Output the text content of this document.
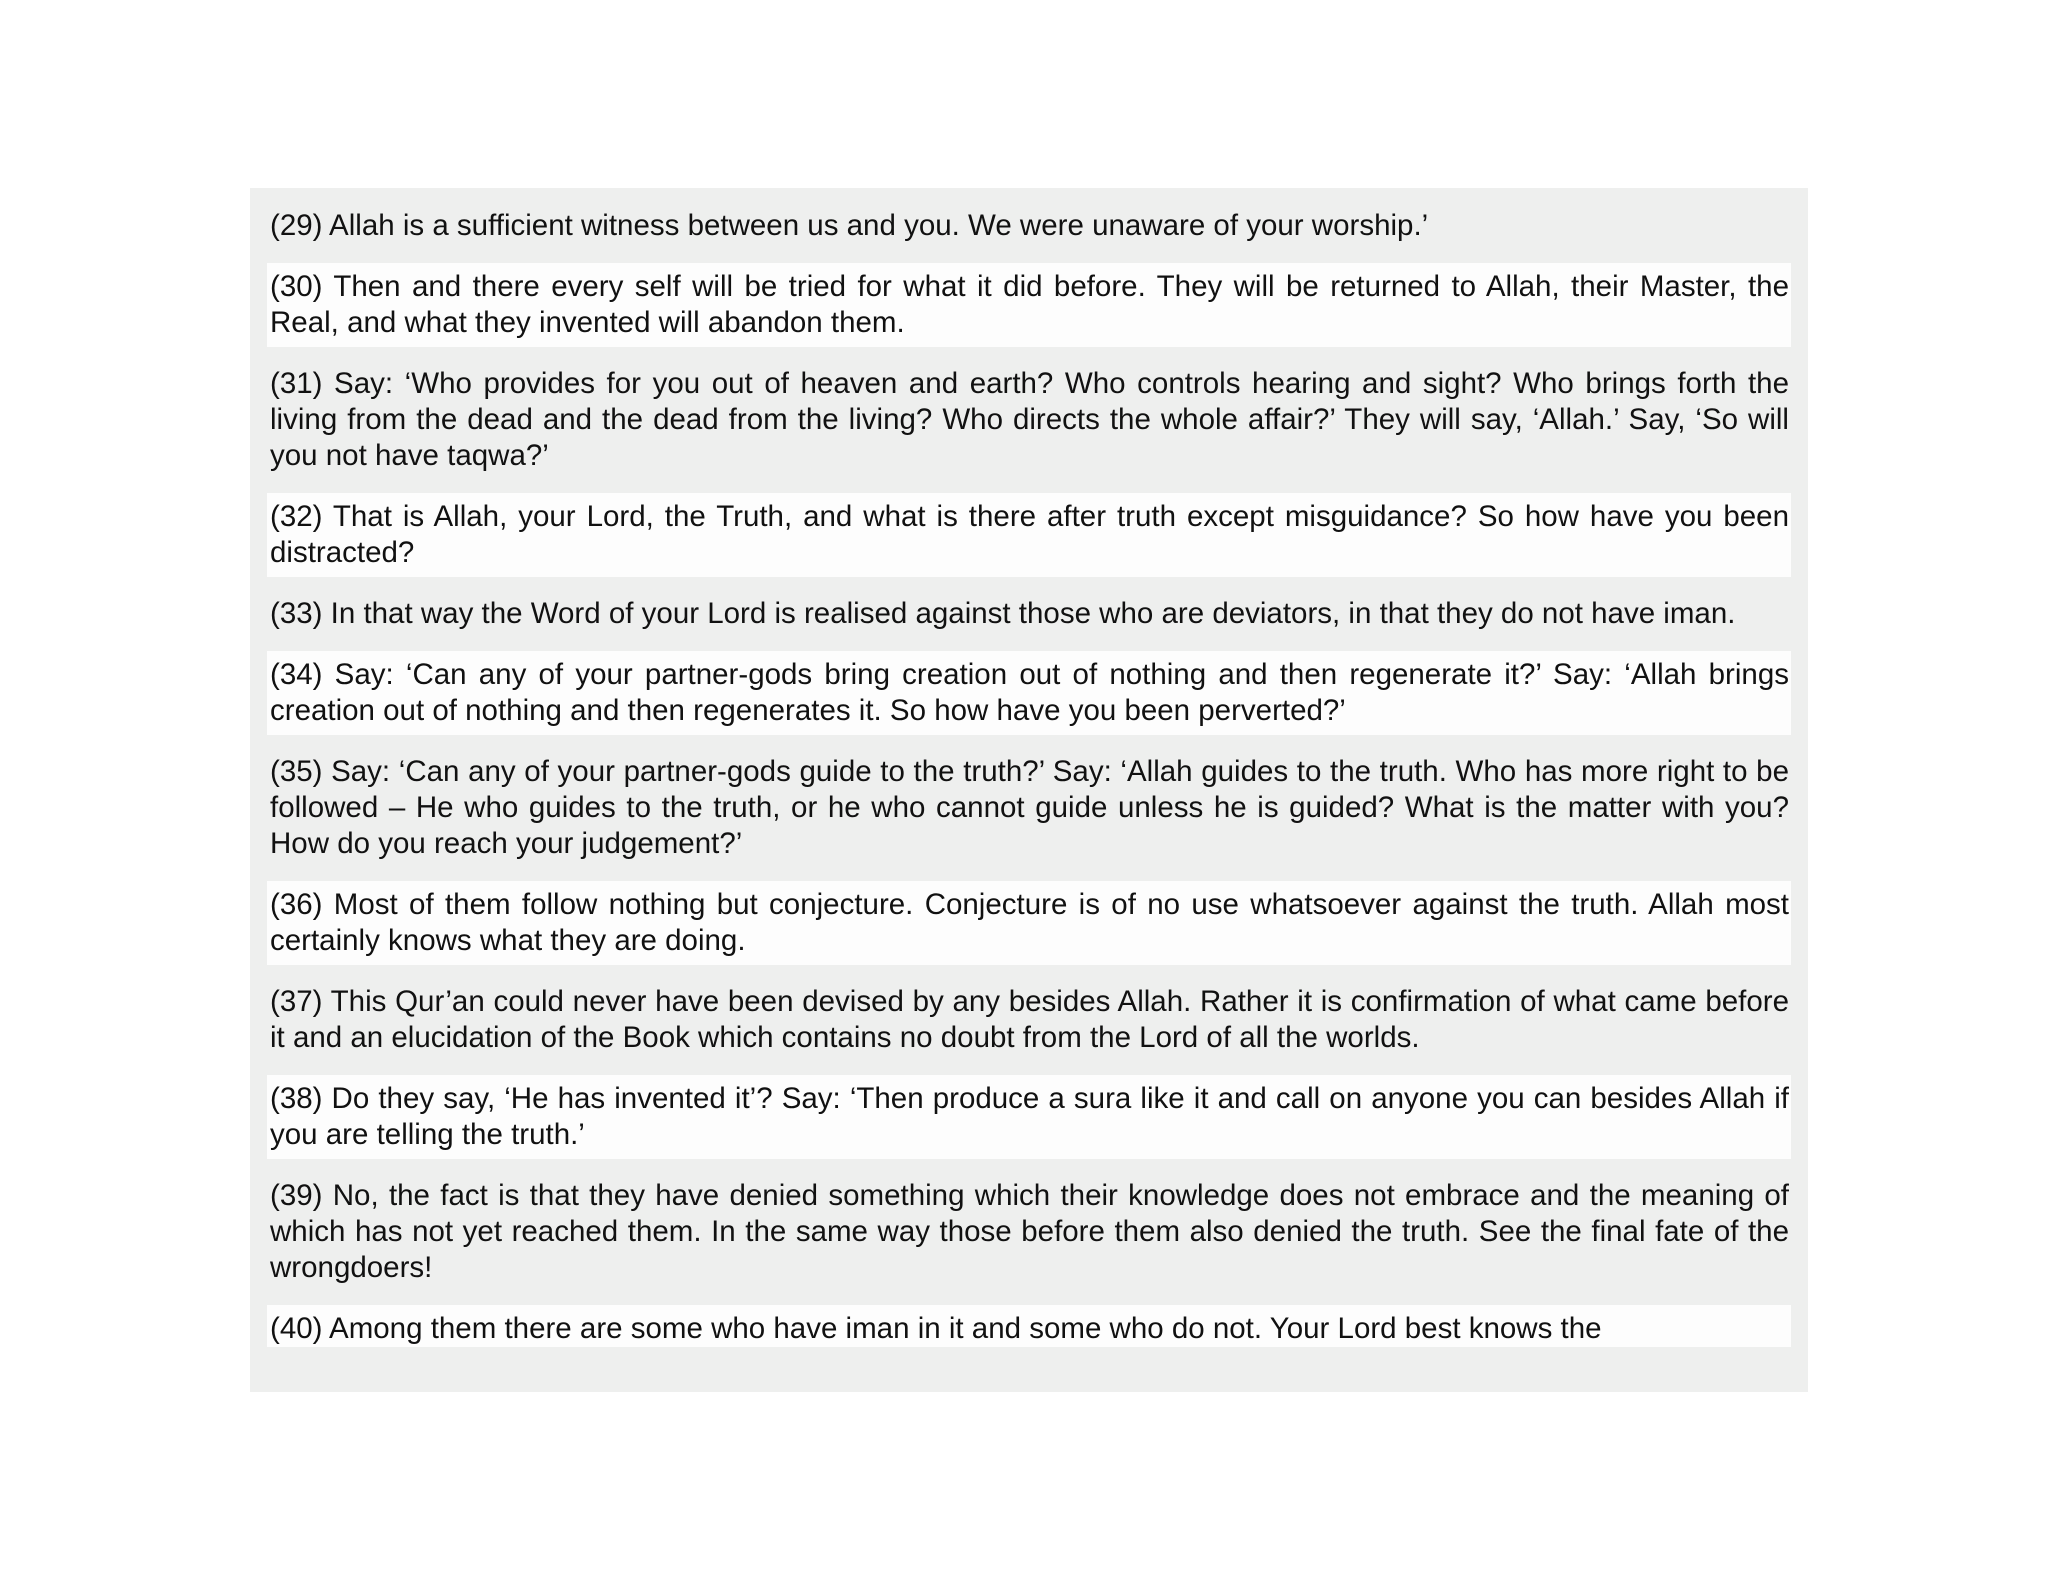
(29) Allah is a sufficient witness between us and you. We were unaware of your worship.’
(30) Then and there every self will be tried for what it did before. They will be returned to Allah, their Master, the Real, and what they invented will abandon them.
(31) Say: ‘Who provides for you out of heaven and earth? Who controls hearing and sight? Who brings forth the living from the dead and the dead from the living? Who directs the whole affair?’ They will say, ‘Allah.’ Say, ‘So will you not have taqwa?’
(32) That is Allah, your Lord, the Truth, and what is there after truth except misguidance? So how have you been distracted?
(33) In that way the Word of your Lord is realised against those who are deviators, in that they do not have iman.
(34) Say: ‘Can any of your partner-gods bring creation out of nothing and then regenerate it?’ Say: ‘Allah brings creation out of nothing and then regenerates it. So how have you been perverted?’
(35) Say: ‘Can any of your partner-gods guide to the truth?’ Say: ‘Allah guides to the truth. Who has more right to be followed – He who guides to the truth, or he who cannot guide unless he is guided? What is the matter with you? How do you reach your judgement?’
(36) Most of them follow nothing but conjecture. Conjecture is of no use whatsoever against the truth. Allah most certainly knows what they are doing.
(37) This Qur’an could never have been devised by any besides Allah. Rather it is confirmation of what came before it and an elucidation of the Book which contains no doubt from the Lord of all the worlds.
(38) Do they say, ‘He has invented it’? Say: ‘Then produce a sura like it and call on anyone you can besides Allah if you are telling the truth.’
(39) No, the fact is that they have denied something which their knowledge does not embrace and the meaning of which has not yet reached them. In the same way those before them also denied the truth. See the final fate of the wrongdoers!
(40) Among them there are some who have iman in it and some who do not. Your Lord best knows the
